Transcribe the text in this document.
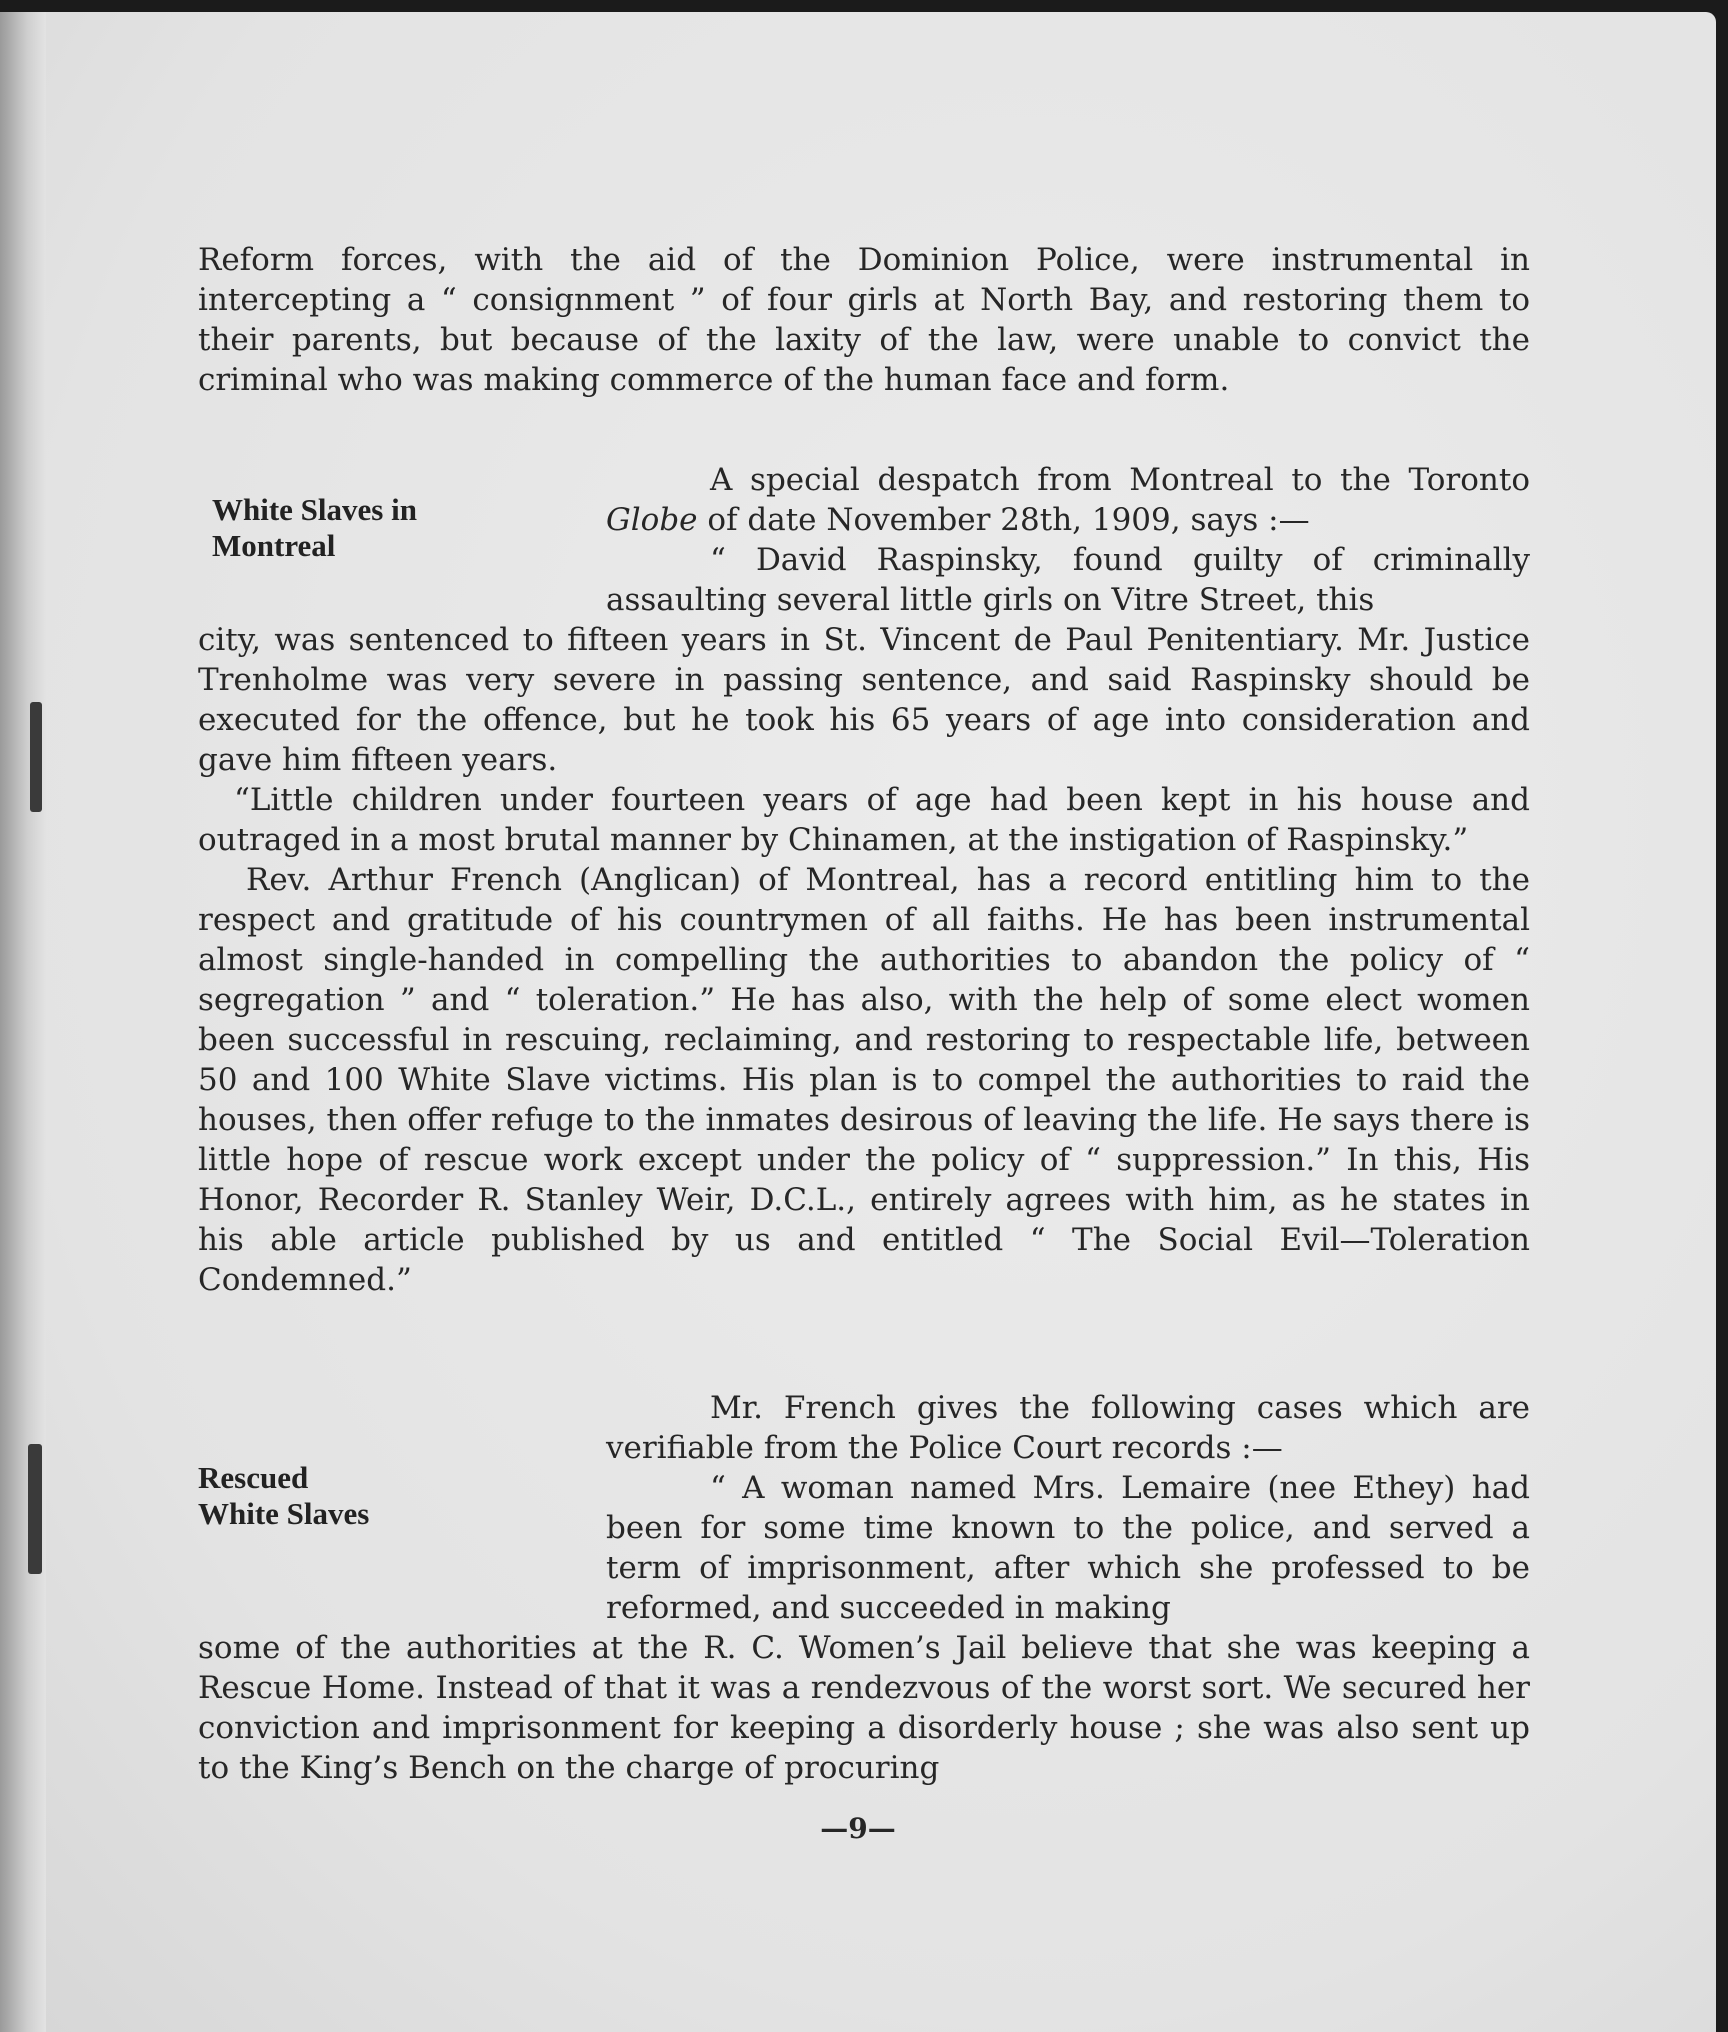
Reform forces, with the aid of the Dominion Police, were instrumental in intercepting a “ consignment ” of four girls at North Bay, and restoring them to their parents, but because of the laxity of the law, were unable to convict the criminal who was making commerce of the human face and form.

White Slaves in
Montreal

A special despatch from Montreal to the Toronto Globe of date November 28th, 1909, says :—

“ David Raspinsky, found guilty of criminally assaulting several little girls on Vitre Street, this

city, was sentenced to fifteen years in St. Vincent de Paul Penitentiary. Mr. Justice Trenholme was very severe in passing sentence, and said Raspinsky should be executed for the offence, but he took his 65 years of age into consideration and gave him fifteen years.

“Little children under fourteen years of age had been kept in his house and outraged in a most brutal manner by Chinamen, at the instigation of Raspinsky.”

Rev. Arthur French (Anglican) of Montreal, has a record entitling him to the respect and gratitude of his countrymen of all faiths. He has been instrumental almost single-handed in compelling the authorities to abandon the policy of “ segregation ” and “ toleration.” He has also, with the help of some elect women been successful in rescuing, reclaiming, and restoring to respectable life, between 50 and 100 White Slave victims. His plan is to compel the authorities to raid the houses, then offer refuge to the inmates desirous of leaving the life. He says there is little hope of rescue work except under the policy of “ suppression.” In this, His Honor, Recorder R. Stanley Weir, D.C.L., entirely agrees with him, as he states in his able article published by us and entitled “ The Social Evil—Toleration Condemned.”

Rescued
White Slaves

Mr. French gives the following cases which are verifiable from the Police Court records :—

“ A woman named Mrs. Lemaire (nee Ethey) had been for some time known to the police, and served a term of imprisonment, after which she professed to be reformed, and succeeded in making

some of the authorities at the R. C. Women’s Jail believe that she was keeping a Rescue Home. Instead of that it was a rendezvous of the worst sort. We secured her conviction and imprisonment for keeping a disorderly house ; she was also sent up to the King’s Bench on the charge of procuring

—9—
